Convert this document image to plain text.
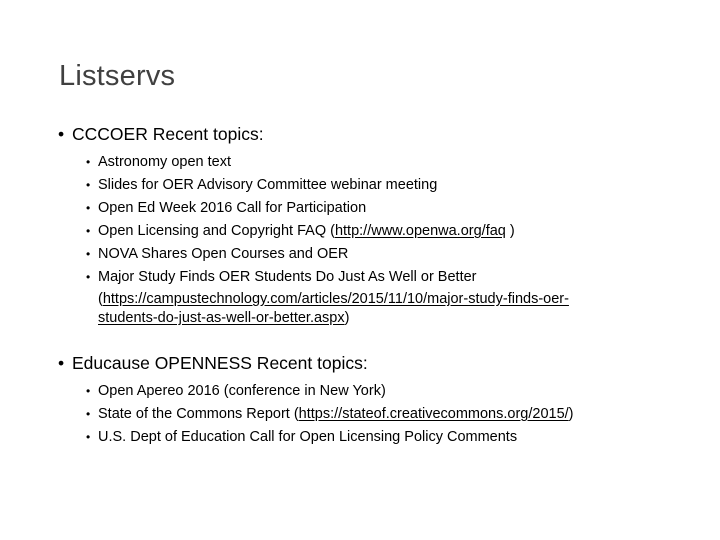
Listservs
• CCCOER Recent topics:
• Astronomy open text
• Slides for OER Advisory Committee webinar meeting
• Open Ed Week 2016 Call for Participation
• Open Licensing and Copyright FAQ (http://www.openwa.org/faq )
• NOVA Shares Open Courses and OER
• Major Study Finds OER Students Do Just As Well or Better
(https://campustechnology.com/articles/2015/11/10/major-study-finds-oer-
students-do-just-as-well-or-better.aspx)
• Educause OPENNESS Recent topics:
• Open Apereo 2016 (conference in New York)
• State of the Commons Report (https://stateof.creativecommons.org/2015/)
• U.S. Dept of Education Call for Open Licensing Policy Comments
